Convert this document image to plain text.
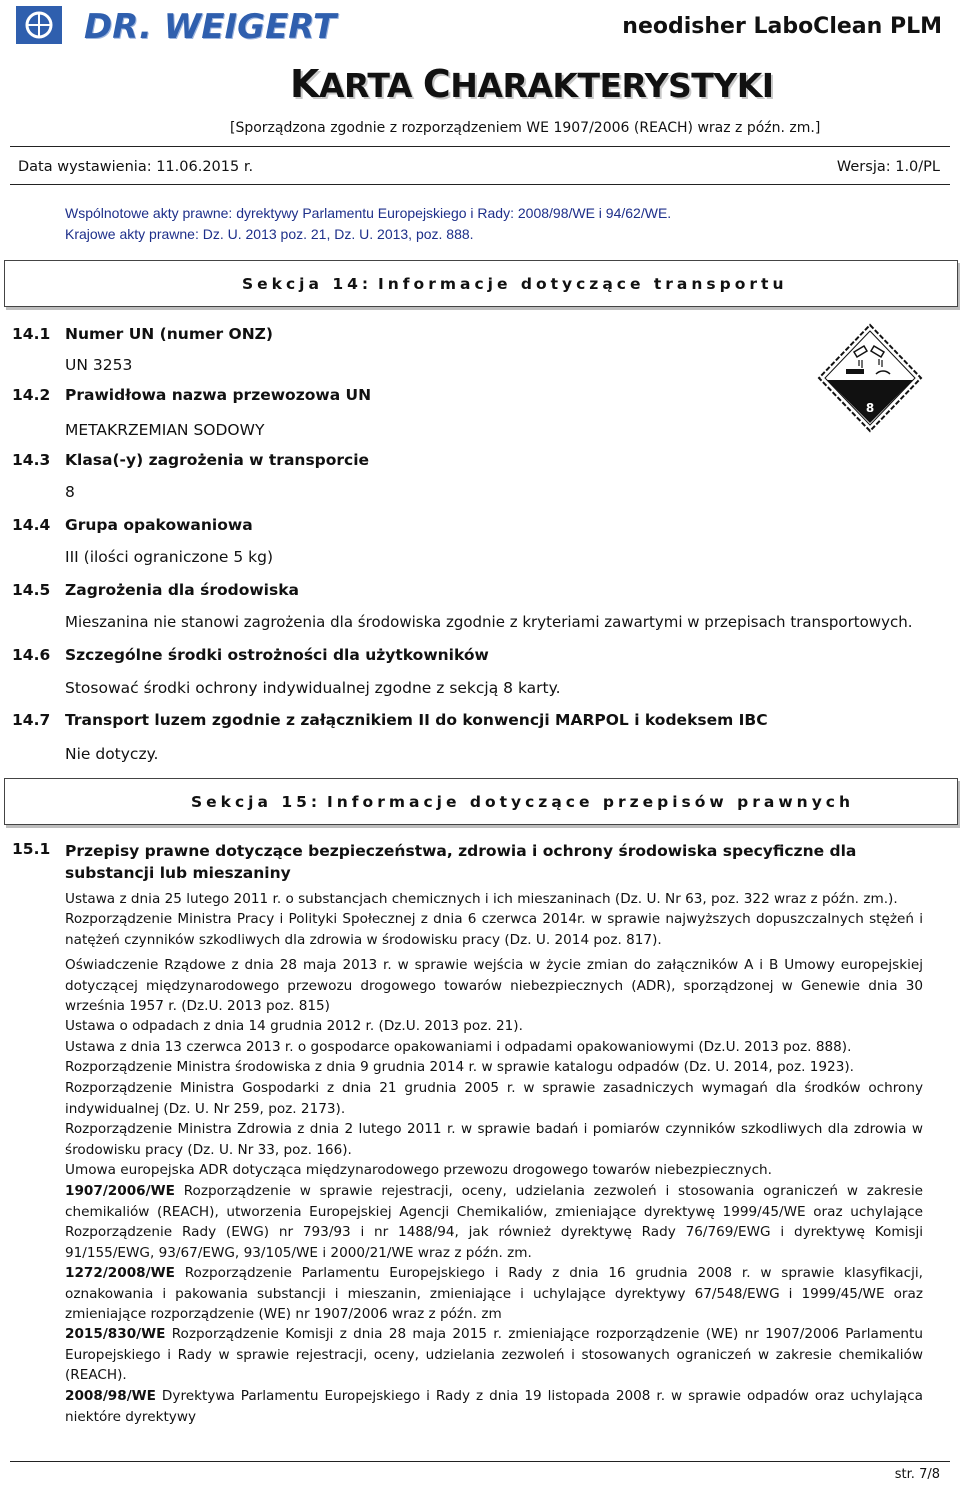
DR. WEIGERT	neodisher LaboClean PLM
KARTA CHARAKTERYSTYKI
[Sporządzona zgodnie z rozporządzeniem WE 1907/2006 (REACH) wraz z późn. zm.]
Data wystawienia: 11.06.2015 r.	Wersja: 1.0/PL
Wspólnotowe akty prawne: dyrektywy Parlamentu Europejskiego i Rady: 2008/98/WE i 94/62/WE.
Krajowe akty prawne: Dz. U. 2013 poz. 21, Dz. U. 2013, poz. 888.
Sekcja 14: Informacje dotyczące transportu
8
14.1 Numer UN (numer ONZ)
UN 3253
14.2 Prawidłowa nazwa przewozowa UN
METAKRZEMIAN SODOWY
14.3 Klasa(-y) zagrożenia w transporcie
8
14.4 Grupa opakowaniowa
III (ilości ograniczone 5 kg)
14.5 Zagrożenia dla środowiska
Mieszanina nie stanowi zagrożenia dla środowiska zgodnie z kryteriami zawartymi w przepisach transportowych.
14.6 Szczególne środki ostrożności dla użytkowników
Stosować środki ochrony indywidualnej zgodne z sekcją 8 karty.
14.7 Transport luzem zgodnie z załącznikiem II do konwencji MARPOL i kodeksem IBC
Nie dotyczy.
Sekcja 15: Informacje dotyczące przepisów prawnych
15.1 Przepisy prawne dotyczące bezpieczeństwa, zdrowia i ochrony środowiska specyficzne dla substancji lub mieszaniny
Ustawa z dnia 25 lutego 2011 r. o substancjach chemicznych i ich mieszaninach (Dz. U. Nr 63, poz. 322 wraz z późn. zm.).
Rozporządzenie Ministra Pracy i Polityki Społecznej z dnia 6 czerwca 2014r. w sprawie najwyższych dopuszczalnych stężeń i natężeń czynników szkodliwych dla zdrowia w środowisku pracy (Dz. U. 2014 poz. 817).
Oświadczenie Rządowe z dnia 28 maja 2013 r. w sprawie wejścia w życie zmian do załączników A i B Umowy europejskiej dotyczącej międzynarodowego przewozu drogowego towarów niebezpiecznych (ADR), sporządzonej w Genewie dnia 30 września 1957 r. (Dz.U. 2013 poz. 815)
Ustawa o odpadach z dnia 14 grudnia 2012 r. (Dz.U. 2013 poz. 21).
Ustawa z dnia 13 czerwca 2013 r. o gospodarce opakowaniami i odpadami opakowaniowymi (Dz.U. 2013 poz. 888).
Rozporządzenie Ministra środowiska z dnia 9 grudnia 2014 r. w sprawie katalogu odpadów (Dz. U. 2014, poz. 1923).
Rozporządzenie Ministra Gospodarki z dnia 21 grudnia 2005 r. w sprawie zasadniczych wymagań dla środków ochrony indywidualnej (Dz. U. Nr 259, poz. 2173).
Rozporządzenie Ministra Zdrowia z dnia 2 lutego 2011 r. w sprawie badań i pomiarów czynników szkodliwych dla zdrowia w środowisku pracy (Dz. U. Nr 33, poz. 166).
Umowa europejska ADR dotycząca międzynarodowego przewozu drogowego towarów niebezpiecznych.
1907/2006/WE Rozporządzenie w sprawie rejestracji, oceny, udzielania zezwoleń i stosowania ograniczeń w zakresie chemikaliów (REACH), utworzenia Europejskiej Agencji Chemikaliów, zmieniające dyrektywę 1999/45/WE oraz uchylające Rozporządzenie Rady (EWG) nr 793/93 i nr 1488/94, jak również dyrektywę Rady 76/769/EWG i dyrektywę Komisji 91/155/EWG, 93/67/EWG, 93/105/WE i 2000/21/WE wraz z późn. zm.
1272/2008/WE Rozporządzenie Parlamentu Europejskiego i Rady z dnia 16 grudnia 2008 r. w sprawie klasyfikacji, oznakowania i pakowania substancji i mieszanin, zmieniające i uchylające dyrektywy 67/548/EWG i 1999/45/WE oraz zmieniające rozporządzenie (WE) nr 1907/2006 wraz z późn. zm
2015/830/WE Rozporządzenie Komisji z dnia 28 maja 2015 r. zmieniające rozporządzenie (WE) nr 1907/2006 Parlamentu Europejskiego i Rady w sprawie rejestracji, oceny, udzielania zezwoleń i stosowanych ograniczeń w zakresie chemikaliów (REACH).
2008/98/WE Dyrektywa Parlamentu Europejskiego i Rady z dnia 19 listopada 2008 r. w sprawie odpadów oraz uchylająca niektóre dyrektywy
str. 7/8
